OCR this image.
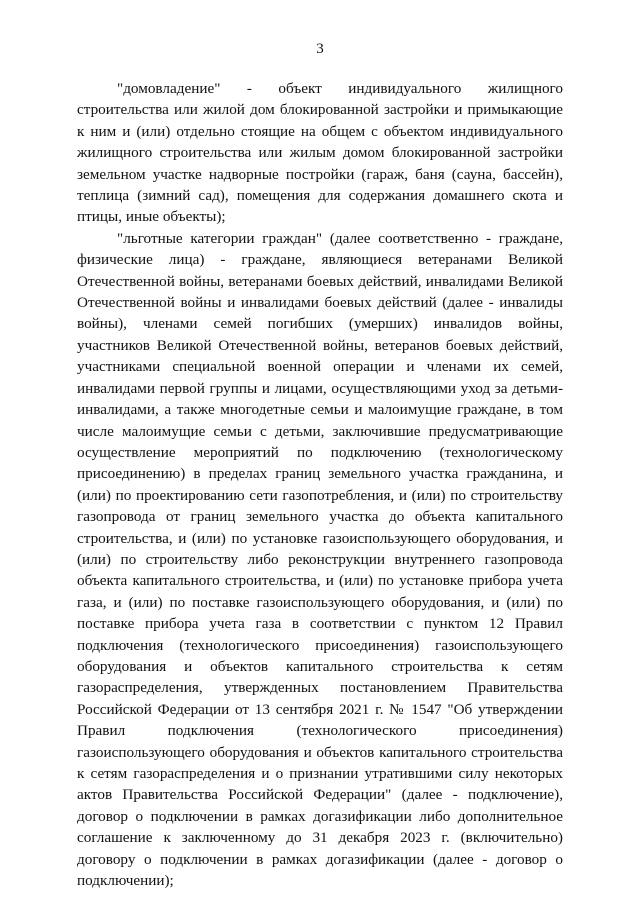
3

"домовладение" - объект индивидуального жилищного строительства или жилой дом блокированной застройки и примыкающие к ним и (или) отдельно стоящие на общем с объектом индивидуального жилищного строительства или жилым домом блокированной застройки земельном участке надворные постройки (гараж, баня (сауна, бассейн), теплица (зимний сад), помещения для содержания домашнего скота и птицы, иные объекты);

"льготные категории граждан" (далее соответственно - граждане, физические лица) - граждане, являющиеся ветеранами Великой Отечественной войны, ветеранами боевых действий, инвалидами Великой Отечественной войны и инвалидами боевых действий (далее - инвалиды войны), членами семей погибших (умерших) инвалидов войны, участников Великой Отечественной войны, ветеранов боевых действий, участниками специальной военной операции и членами их семей, инвалидами первой группы и лицами, осуществляющими уход за детьми-инвалидами, а также многодетные семьи и малоимущие граждане, в том числе малоимущие семьи с детьми, заключившие предусматривающие осуществление мероприятий по подключению (технологическому присоединению) в пределах границ земельного участка гражданина, и (или) по проектированию сети газопотребления, и (или) по строительству газопровода от границ земельного участка до объекта капитального строительства, и (или) по установке газоиспользующего оборудования, и (или) по строительству либо реконструкции внутреннего газопровода объекта капитального строительства, и (или) по установке прибора учета газа, и (или) по поставке газоиспользующего оборудования, и (или) по поставке прибора учета газа в соответствии с пунктом 12 Правил подключения (технологического присоединения) газоиспользующего оборудования и объектов капитального строительства к сетям газораспределения, утвержденных постановлением Правительства Российской Федерации от 13 сентября 2021 г. № 1547 "Об утверждении Правил подключения (технологического присоединения) газоиспользующего оборудования и объектов капитального строительства к сетям газораспределения и о признании утратившими силу некоторых актов Правительства Российской Федерации" (далее - подключение), договор о подключении в рамках догазификации либо дополнительное соглашение к заключенному до 31 декабря 2023 г. (включительно) договору о подключении в рамках догазификации (далее - договор о подключении);
